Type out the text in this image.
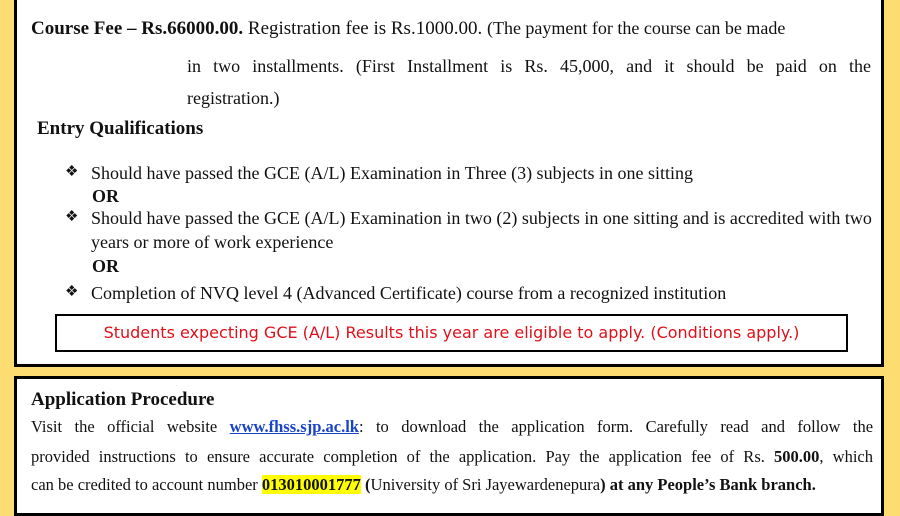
Course Fee – Rs.66000.00. Registration fee is Rs.1000.00. (The payment for the course can be made
in two installments. (First Installment is Rs. 45,000, and it should be paid on the
registration.)
Entry Qualifications
❖ Should have passed the GCE (A/L) Examination in Three (3) subjects in one sitting
OR
❖ Should have passed the GCE (A/L) Examination in two (2) subjects in one sitting and is accredited with two years or more of work experience
OR
❖ Completion of NVQ level 4 (Advanced Certificate) course from a recognized institution
Students expecting GCE (A/L) Results this year are eligible to apply. (Conditions apply.)
Application Procedure
Visit the official website www.fhss.sjp.ac.lk: to download the application form. Carefully read and follow the
provided instructions to ensure accurate completion of the application. Pay the application fee of Rs. 500.00, which
can be credited to account number 013010001777 (University of Sri Jayewardenepura) at any People’s Bank branch.
